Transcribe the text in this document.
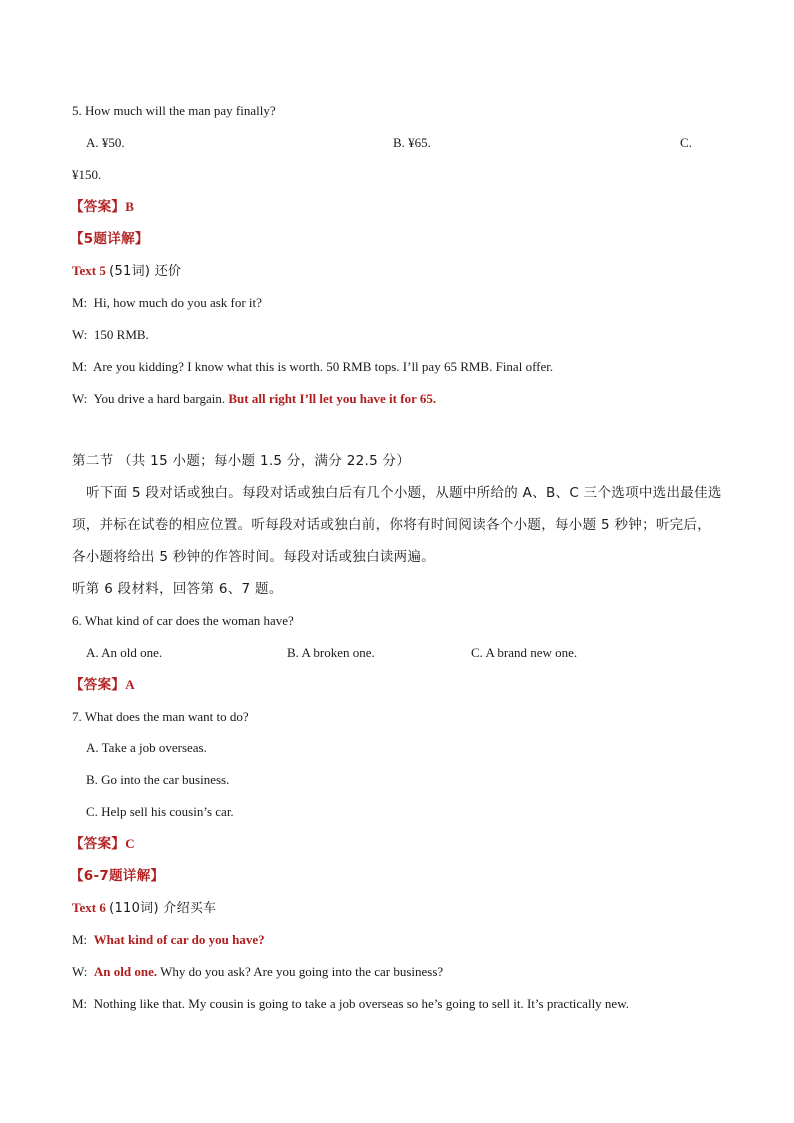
5. How much will the man pay finally?
A. ¥50.	B. ¥65.	C.
¥150.
【答案】B
【5题详解】
Text 5 (51词) 还价
M: Hi, how much do you ask for it?
W: 150 RMB.
M: Are you kidding? I know what this is worth. 50 RMB tops. I’ll pay 65 RMB. Final offer.
W: You drive a hard bargain. But all right I’ll let you have it for 65.
第二节 （共 15 小题；每小题 1.5 分，满分 22.5 分）
听下面 5 段对话或独白。每段对话或独白后有几个小题，从题中所给的 A、B、C 三个选项中选出最佳选
项，并标在试卷的相应位置。听每段对话或独白前，你将有时间阅读各个小题，每小题 5 秒钟；听完后，
各小题将给出 5 秒钟的作答时间。每段对话或独白读两遍。
听第 6 段材料，回答第 6、7 题。
6. What kind of car does the woman have?
A. An old one.	B. A broken one.	C. A brand new one.
【答案】A
7. What does the man want to do?
A. Take a job overseas.
B. Go into the car business.
C. Help sell his cousin’s car.
【答案】C
【6-7题详解】
Text 6 (110词) 介绍买车
M: What kind of car do you have?
W: An old one. Why do you ask? Are you going into the car business?
M: Nothing like that. My cousin is going to take a job overseas so he’s going to sell it. It’s practically new.
